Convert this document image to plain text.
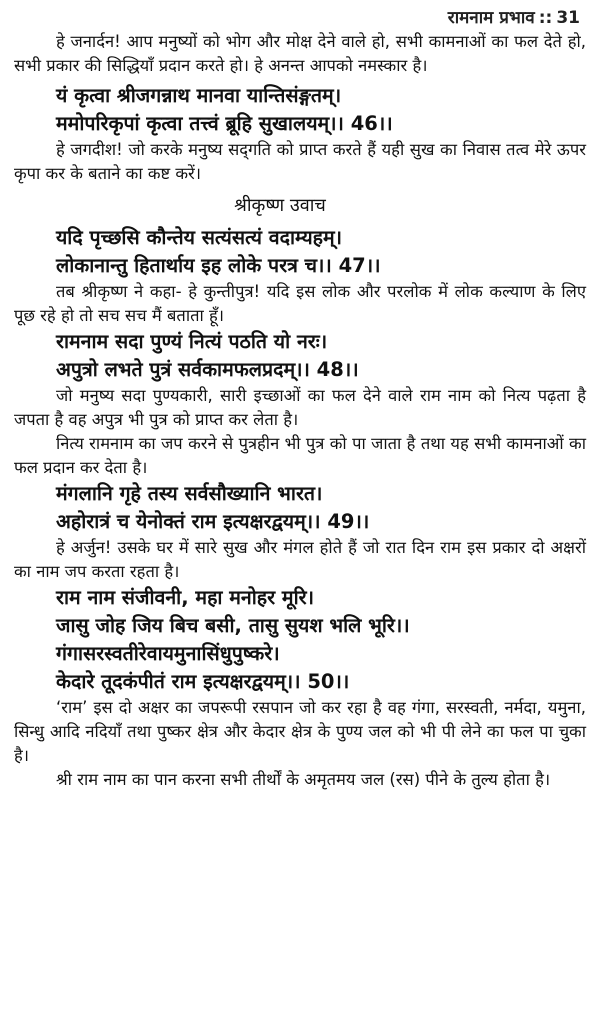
रामनाम प्रभाव :: 31

हे जनार्दन! आप मनुष्यों को भोग और मोक्ष देने वाले हो, सभी कामनाओं का फल देते हो, सभी प्रकार की सिद्धियाँ प्रदान करते हो। हे अनन्त आपको नमस्कार है।

यं कृत्वा श्रीजगन्नाथ मानवा यान्तिसंङ्गतम्।

ममोपरिकृपां कृत्वा तत्त्वं ब्रूहि सुखालयम्।। 46।।

हे जगदीश! जो करके मनुष्य सद्‌गति को प्राप्त करते हैं यही सुख का निवास तत्व मेरे ऊपर कृपा कर के बताने का कष्ट करें।

श्रीकृष्ण उवाच

यदि पृच्छसि कौन्तेय सत्यंसत्यं वदाम्यहम्।

लोकानान्तु हितार्थाय इह लोके परत्र च।। 47।।

तब श्रीकृष्ण ने कहा- हे कुन्तीपुत्र! यदि इस लोक और परलोक में लोक कल्याण के लिए पूछ रहे हो तो सच सच मैं बताता हूँ।

रामनाम सदा पुण्यं नित्यं पठति यो नरः।

अपुत्रो लभते पुत्रं सर्वकामफलप्रदम्।। 48।।

जो मनुष्य सदा पुण्यकारी, सारी इच्छाओं का फल देने वाले राम नाम को नित्य पढ़ता है जपता है वह अपुत्र भी पुत्र को प्राप्त कर लेता है।

नित्य रामनाम का जप करने से पुत्रहीन भी पुत्र को पा जाता है तथा यह सभी कामनाओं का फल प्रदान कर देता है।

मंगलानि गृहे तस्य सर्वसौख्यानि भारत।

अहोरात्रं च येनोक्तं राम इत्यक्षरद्वयम्।। 49।।

हे अर्जुन! उसके घर में सारे सुख और मंगल होते हैं जो रात दिन राम इस प्रकार दो अक्षरों का नाम जप करता रहता है।

राम नाम संजीवनी, महा मनोहर मूरि।

जासु जोह जिय बिच बसी, तासु सुयश भलि भूरि।।

गंगासरस्वतीरेवायमुनासिंधुपुष्करे।

केदारे तूदकंपीतं राम इत्यक्षरद्वयम्।। 50।।

‘राम’ इस दो अक्षर का जपरूपी रसपान जो कर रहा है वह गंगा, सरस्वती, नर्मदा, यमुना, सिन्धु आदि नदियाँ तथा पुष्कर क्षेत्र और केदार क्षेत्र के पुण्य जल को भी पी लेने का फल पा चुका है।

श्री राम नाम का पान करना सभी तीर्थों के अमृतमय जल (रस) पीने के तुल्य होता है।
